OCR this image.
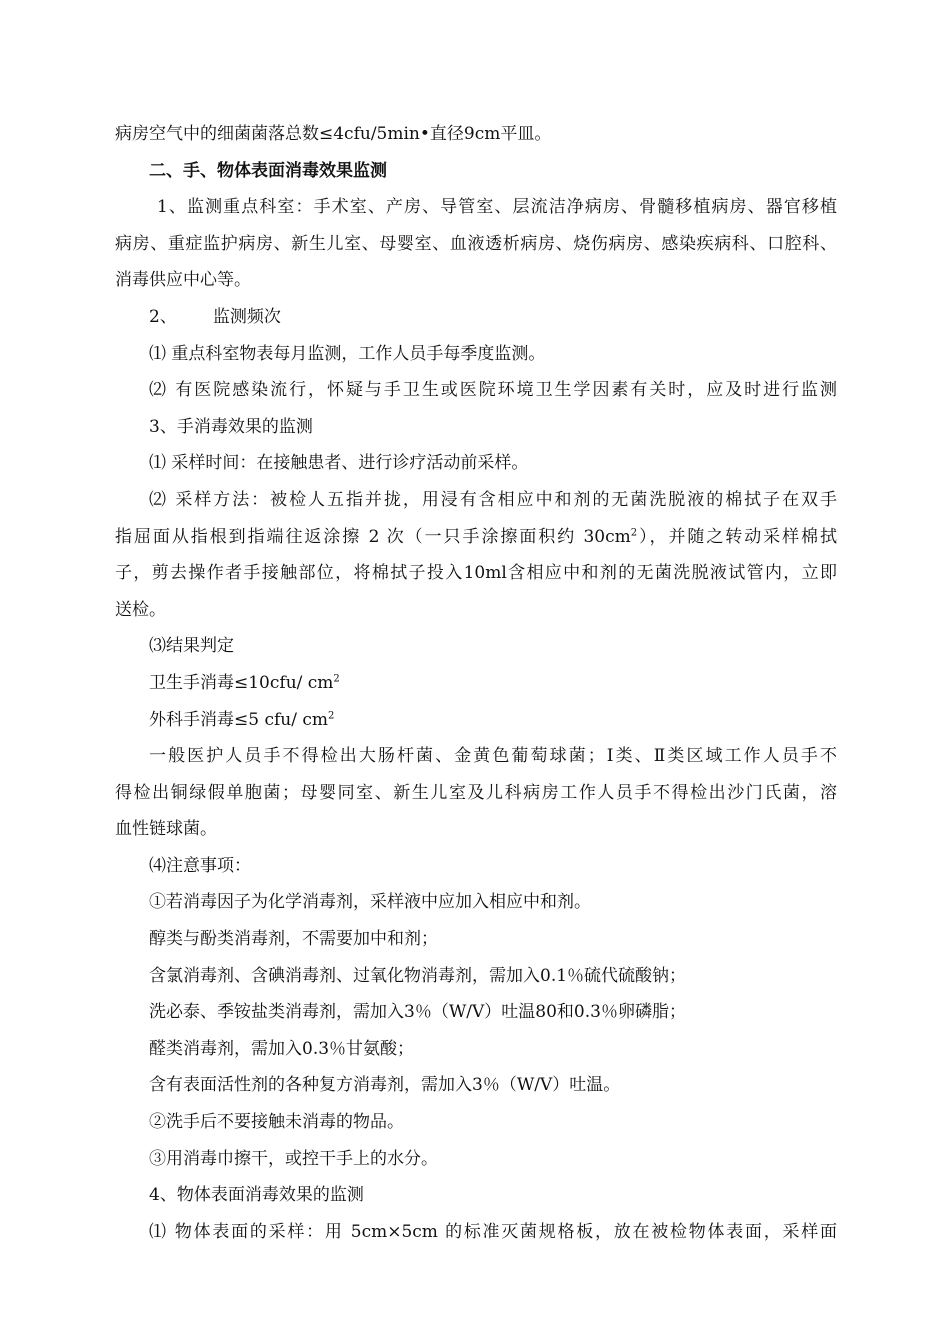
病房空气中的细菌菌落总数≤4cfu/5min•直径9cm平皿。
二、手、物体表面消毒效果监测
1、监测重点科室：手术室、产房、导管室、层流洁净病房、骨髓移植病房、器官移植
病房、重症监护病房、新生儿室、母婴室、血液透析病房、烧伤病房、感染疾病科、口腔科、
消毒供应中心等。
2、 监测频次
⑴ 重点科室物表每月监测，工作人员手每季度监测。
⑵ 有医院感染流行，怀疑与手卫生或医院环境卫生学因素有关时，应及时进行监测
3、手消毒效果的监测
⑴ 采样时间：在接触患者、进行诊疗活动前采样。
⑵ 采样方法：被检人五指并拢，用浸有含相应中和剂的无菌洗脱液的棉拭子在双手
指屈面从指根到指端往返涂擦 2 次（一只手涂擦面积约 $30cm^2$），并随之转动采样棉拭
子，剪去操作者手接触部位，将棉拭子投入10ml含相应中和剂的无菌洗脱液试管内，立即
送检。
⑶结果判定
卫生手消毒≤10cfu/ $cm^2$
外科手消毒≤5 cfu/ $cm^2$
一般医护人员手不得检出大肠杆菌、金黄色葡萄球菌；Ⅰ类、Ⅱ类区域工作人员手不
得检出铜绿假单胞菌；母婴同室、新生儿室及儿科病房工作人员手不得检出沙门氏菌，溶
血性链球菌。
⑷注意事项：
①若消毒因子为化学消毒剂，采样液中应加入相应中和剂。
醇类与酚类消毒剂，不需要加中和剂；
含氯消毒剂、含碘消毒剂、过氧化物消毒剂，需加入0.1％硫代硫酸钠；
洗必泰、季铵盐类消毒剂，需加入3％（W/V）吐温80和0.3％卵磷脂；
醛类消毒剂，需加入0.3％甘氨酸；
含有表面活性剂的各种复方消毒剂，需加入3％（W/V）吐温。
②洗手后不要接触未消毒的物品。
③用消毒巾擦干，或控干手上的水分。
4、物体表面消毒效果的监测
⑴ 物体表面的采样：用 5cm×5cm 的标准灭菌规格板，放在被检物体表面，采样面
